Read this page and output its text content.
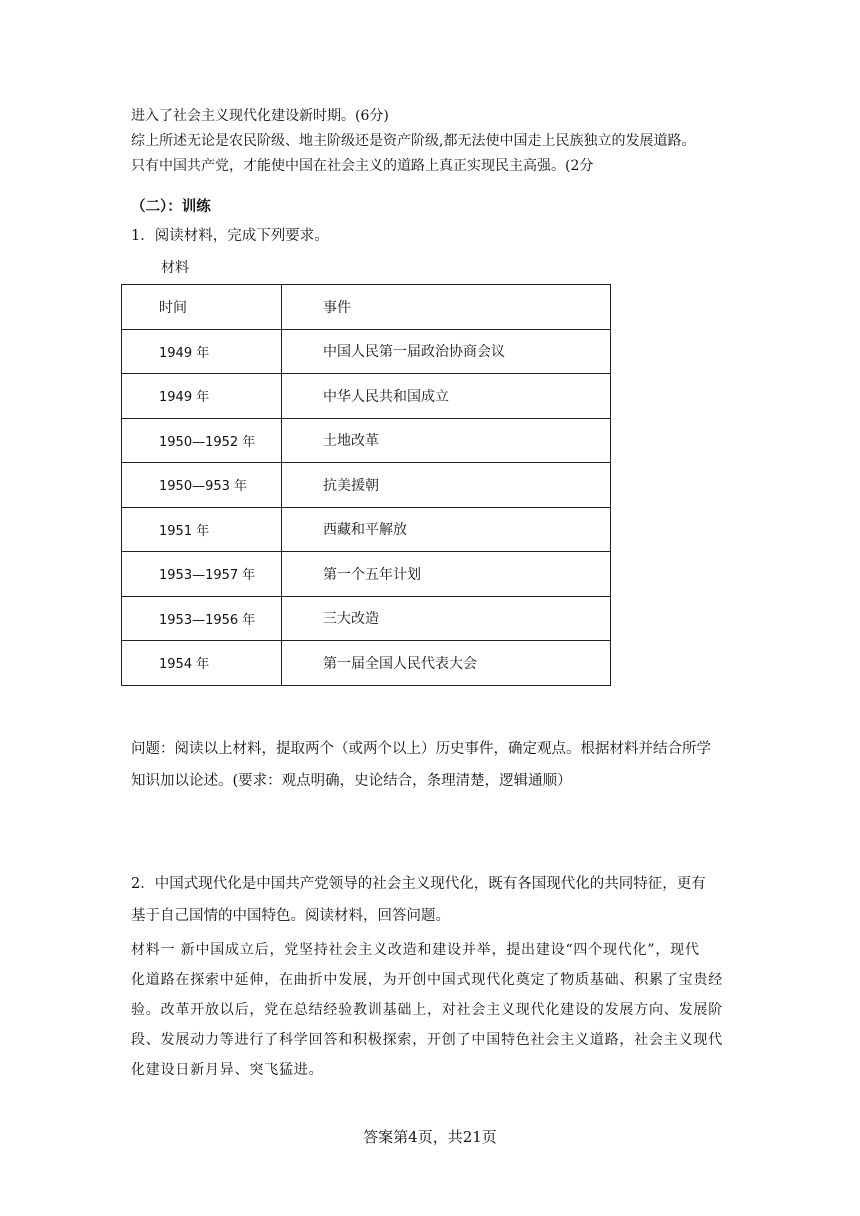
进入了社会主义现代化建设新时期。(6分)
综上所述无论是农民阶级、地主阶级还是资产阶级,都无法使中国走上民族独立的发展道路。
只有中国共产党，才能使中国在社会主义的道路上真正实现民主高强。(2分
（二）：训练
1．阅读材料，完成下列要求。
材料
时间	事件
1949 年	中国人民第一届政治协商会议
1949 年	中华人民共和国成立
1950—1952 年	土地改革
1950—953 年	抗美援朝
1951 年	西藏和平解放
1953—1957 年	第一个五年计划
1953—1956 年	三大改造
1954 年	第一届全国人民代表大会
问题：阅读以上材料，提取两个（或两个以上）历史事件，确定观点。根据材料并结合所学
知识加以论述。(要求：观点明确，史论结合，条理清楚，逻辑通顺）
2．中国式现代化是中国共产党领导的社会主义现代化，既有各国现代化的共同特征，更有
基于自己国情的中国特色。阅读材料，回答问题。
材料一 新中国成立后，党坚持社会主义改造和建设并举，提出建设“四个现代化”，现代
化道路在探索中延伸，在曲折中发展，为开创中国式现代化奠定了物质基础、积累了宝贵经
验。改革开放以后，党在总结经验教训基础上，对社会主义现代化建设的发展方向、发展阶
段、发展动力等进行了科学回答和积极探索，开创了中国特色社会主义道路，社会主义现代
化建设日新月异、突飞猛进。
答案第4页，共21页
